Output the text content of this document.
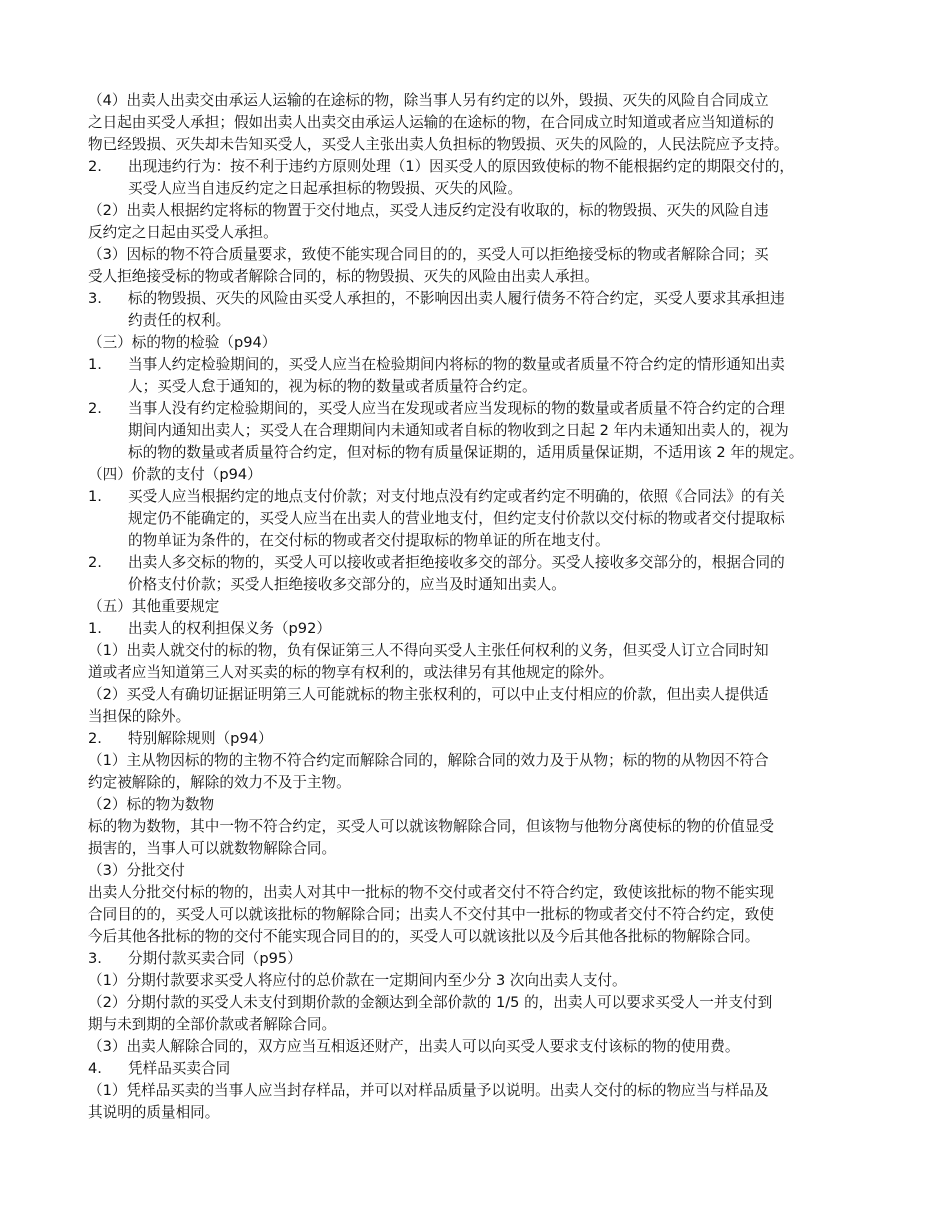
（4）出卖人出卖交由承运人运输的在途标的物，除当事人另有约定的以外，毁损、灭失的风险自合同成立
之日起由买受人承担；假如出卖人出卖交由承运人运输的在途标的物，在合同成立时知道或者应当知道标的
物已经毁损、灭失却未告知买受人，买受人主张出卖人负担标的物毁损、灭失的风险的，人民法院应予支持。
2.	出现违约行为：按不利于违约方原则处理（1）因买受人的原因致使标的物不能根据约定的期限交付的，
买受人应当自违反约定之日起承担标的物毁损、灭失的风险。
（2）出卖人根据约定将标的物置于交付地点，买受人违反约定没有收取的，标的物毁损、灭失的风险自违
反约定之日起由买受人承担。
（3）因标的物不符合质量要求，致使不能实现合同目的的，买受人可以拒绝接受标的物或者解除合同；买
受人拒绝接受标的物或者解除合同的，标的物毁损、灭失的风险由出卖人承担。
3.	标的物毁损、灭失的风险由买受人承担的，不影响因出卖人履行债务不符合约定，买受人要求其承担违
约责任的权利。
（三）标的物的检验（p94）
1.	当事人约定检验期间的，买受人应当在检验期间内将标的物的数量或者质量不符合约定的情形通知出卖
人；买受人怠于通知的，视为标的物的数量或者质量符合约定。
2.	当事人没有约定检验期间的，买受人应当在发现或者应当发现标的物的数量或者质量不符合约定的合理
期间内通知出卖人；买受人在合理期间内未通知或者自标的物收到之日起 2 年内未通知出卖人的，视为
标的物的数量或者质量符合约定，但对标的物有质量保证期的，适用质量保证期，不适用该 2 年的规定。
（四）价款的支付（p94）
1.	买受人应当根据约定的地点支付价款；对支付地点没有约定或者约定不明确的，依照《合同法》的有关
规定仍不能确定的，买受人应当在出卖人的营业地支付，但约定支付价款以交付标的物或者交付提取标
的物单证为条件的，在交付标的物或者交付提取标的物单证的所在地支付。
2.	出卖人多交标的物的，买受人可以接收或者拒绝接收多交的部分。买受人接收多交部分的，根据合同的
价格支付价款；买受人拒绝接收多交部分的，应当及时通知出卖人。
（五）其他重要规定
1.	出卖人的权利担保义务（p92）
（1）出卖人就交付的标的物，负有保证第三人不得向买受人主张任何权利的义务，但买受人订立合同时知
道或者应当知道第三人对买卖的标的物享有权利的，或法律另有其他规定的除外。
（2）买受人有确切证据证明第三人可能就标的物主张权利的，可以中止支付相应的价款，但出卖人提供适
当担保的除外。
2.	特别解除规则（p94）
（1）主从物因标的物的主物不符合约定而解除合同的，解除合同的效力及于从物；标的物的从物因不符合
约定被解除的，解除的效力不及于主物。
（2）标的物为数物
标的物为数物，其中一物不符合约定，买受人可以就该物解除合同，但该物与他物分离使标的物的价值显受
损害的，当事人可以就数物解除合同。
（3）分批交付
出卖人分批交付标的物的，出卖人对其中一批标的物不交付或者交付不符合约定，致使该批标的物不能实现
合同目的的，买受人可以就该批标的物解除合同；出卖人不交付其中一批标的物或者交付不符合约定，致使
今后其他各批标的物的交付不能实现合同目的的，买受人可以就该批以及今后其他各批标的物解除合同。
3.	分期付款买卖合同（p95）
（1）分期付款要求买受人将应付的总价款在一定期间内至少分 3 次向出卖人支付。
（2）分期付款的买受人未支付到期价款的金额达到全部价款的 1/5 的，出卖人可以要求买受人一并支付到
期与未到期的全部价款或者解除合同。
（3）出卖人解除合同的，双方应当互相返还财产，出卖人可以向买受人要求支付该标的物的使用费。
4.	凭样品买卖合同
（1）凭样品买卖的当事人应当封存样品，并可以对样品质量予以说明。出卖人交付的标的物应当与样品及
其说明的质量相同。
